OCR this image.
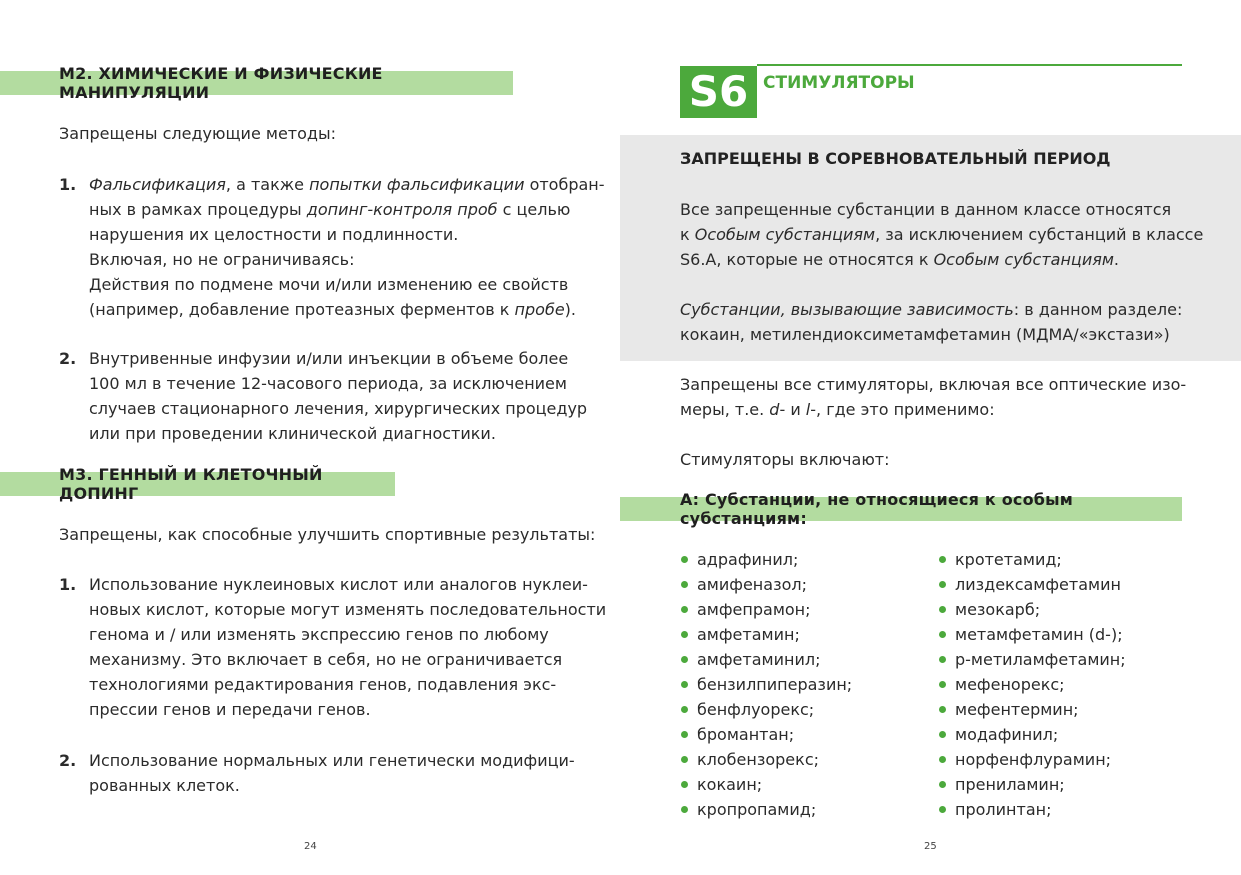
М2. ХИМИЧЕСКИЕ И ФИЗИЧЕСКИЕ МАНИПУЛЯЦИИ
Запрещены следующие методы:
1. Фальсификация, а также попытки фальсификации отобран-
ных в рамках процедуры допинг-контроля проб с целью
нарушения их целостности и подлинности.
Включая, но не ограничиваясь:
Действия по подмене мочи и/или изменению ее свойств
(например, добавление протеазных ферментов к пробе).
2. Внутривенные инфузии и/или инъекции в объеме более
100 мл в течение 12-часового периода, за исключением
случаев стационарного лечения, хирургических процедур
или при проведении клинической диагностики.
М3. ГЕННЫЙ И КЛЕТОЧНЫЙ ДОПИНГ
Запрещены, как способные улучшить спортивные результаты:
1. Использование нуклеиновых кислот или аналогов нуклеи-
новых кислот, которые могут изменять последовательности
генома и / или изменять экспрессию генов по любому
механизму. Это включает в себя, но не ограничивается
технологиями редактирования генов, подавления экс-
прессии генов и передачи генов.
2. Использование нормальных или генетически модифици-
рованных клеток.
24
S6 СТИМУЛЯТОРЫ
ЗАПРЕЩЕНЫ В СОРЕВНОВАТЕЛЬНЫЙ ПЕРИОД
Все запрещенные субстанции в данном классе относятся
к Особым субстанциям, за исключением субстанций в классе
S6.A, которые не относятся к Особым субстанциям.
Субстанции, вызывающие зависимость: в данном разделе:
кокаин, метилендиоксиметамфетамин (МДМА/«экстази»)
Запрещены все стимуляторы, включая все оптические изо-
меры, т.е. d- и l-, где это применимо:
Стимуляторы включают:
А: Субстанции, не относящиеся к особым субстанциям:
адрафинил;
амифеназол;
амфепрамон;
амфетамин;
амфетаминил;
бензилпиперазин;
бенфлуорекс;
бромантан;
клобензорекс;
кокаин;
кропропамид;
кротетамид;
лиздексамфетамин
мезокарб;
метамфетамин (d-);
р-метиламфетамин;
мефенорекс;
мефентермин;
модафинил;
норфенфлурамин;
прениламин;
пролинтан;
25
